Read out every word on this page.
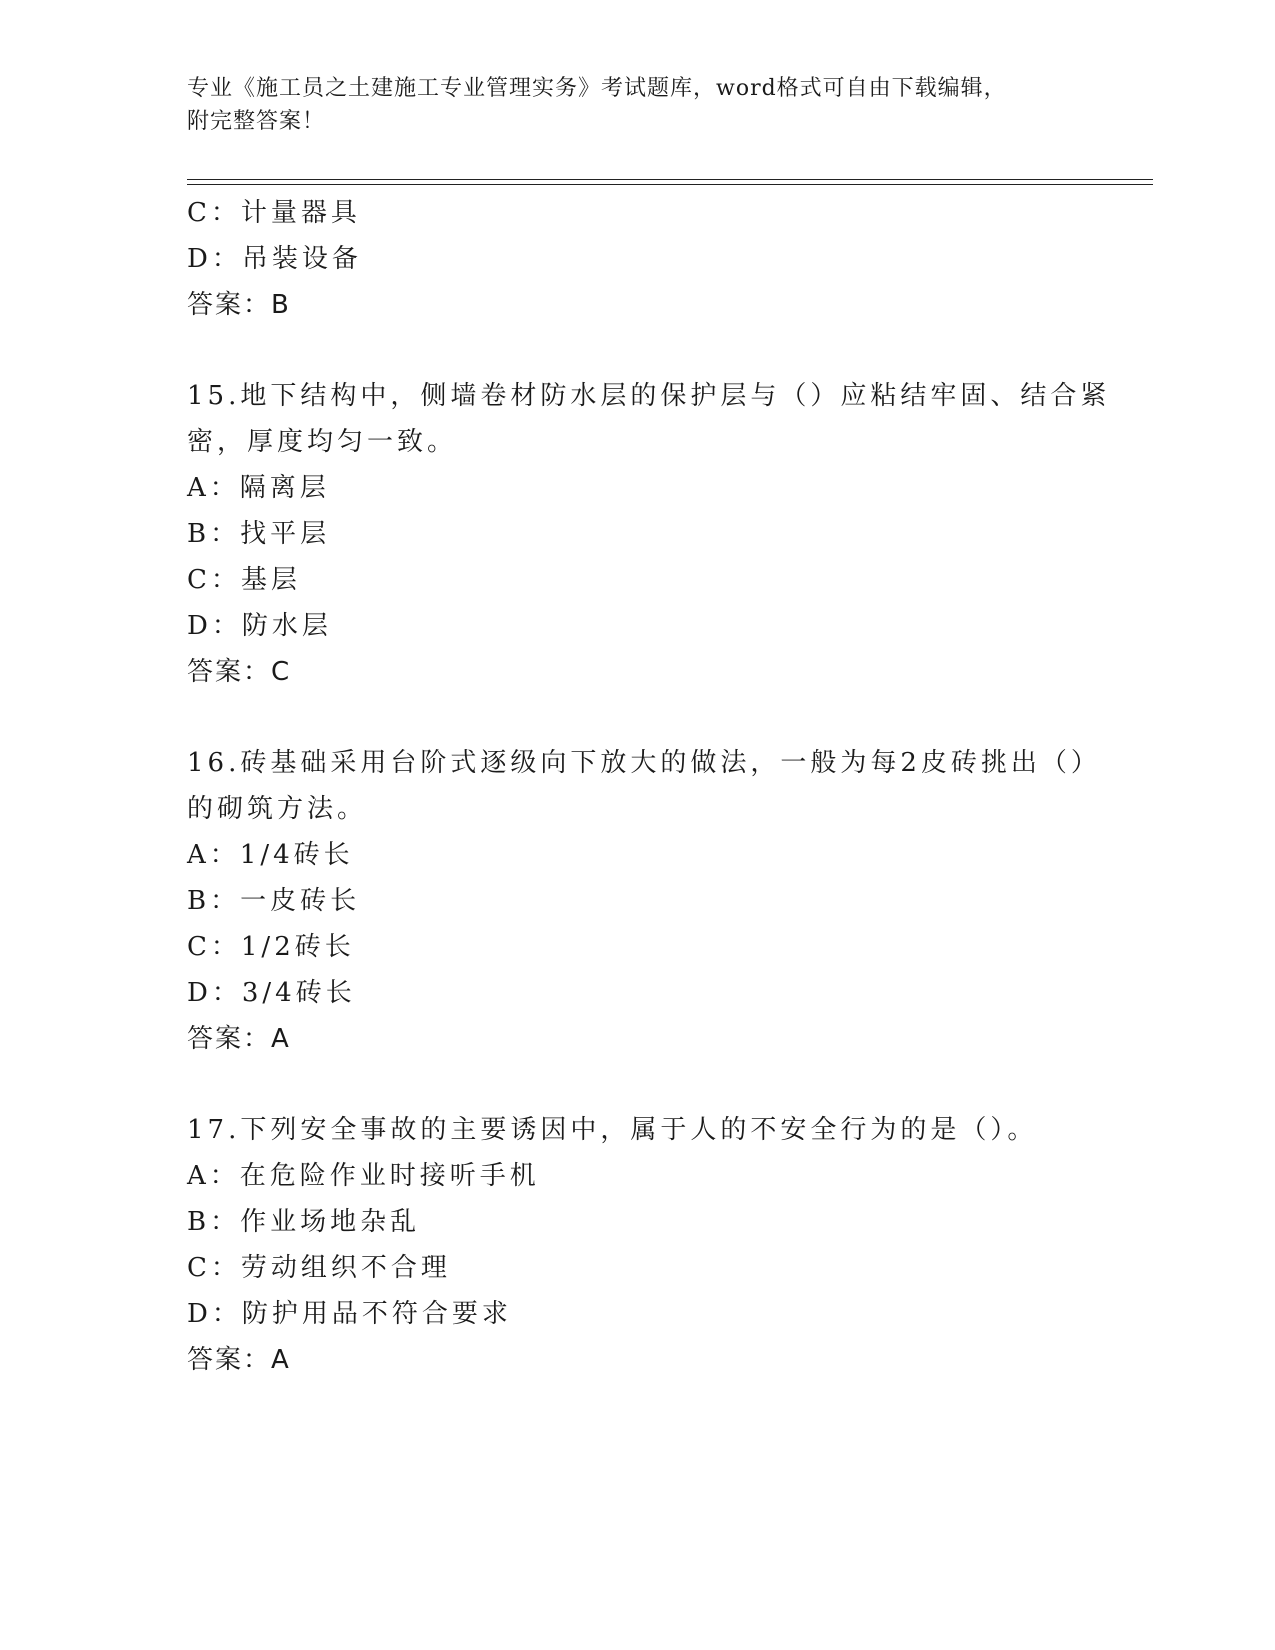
专业《施工员之土建施工专业管理实务》考试题库，word格式可自由下载编辑，
附完整答案！
C：计量器具
D：吊装设备
答案：B
15.地下结构中，侧墙卷材防水层的保护层与（）应粘结牢固、结合紧
密，厚度均匀一致。
A：隔离层
B：找平层
C：基层
D：防水层
答案：C
16.砖基础采用台阶式逐级向下放大的做法，一般为每2皮砖挑出（）
的砌筑方法。
A：1/4砖长
B：一皮砖长
C：1/2砖长
D：3/4砖长
答案：A
17.下列安全事故的主要诱因中，属于人的不安全行为的是（）。
A：在危险作业时接听手机
B：作业场地杂乱
C：劳动组织不合理
D：防护用品不符合要求
答案：A
